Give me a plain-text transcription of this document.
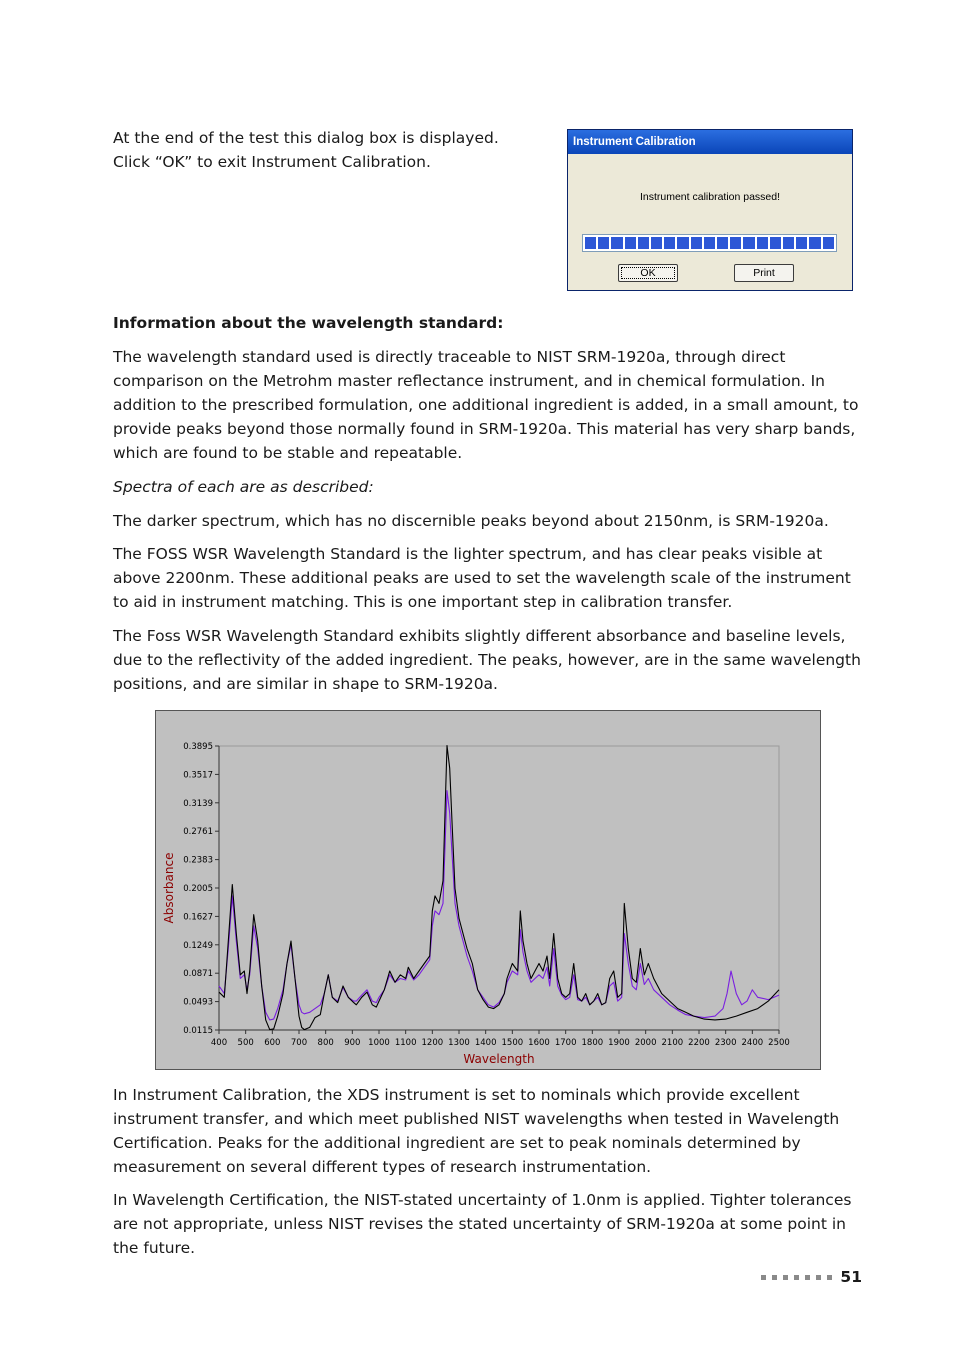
At the end of the test this dialog box is displayed. Click “OK” to exit Instrument Calibration.

Instrument Calibration
Instrument calibration passed!
OK	Print

Information about the wavelength standard:

The wavelength standard used is directly traceable to NIST SRM-1920a, through direct comparison on the Metrohm master reflectance instrument, and in chemical formulation. In addition to the prescribed formulation, one additional ingredient is added, in a small amount, to provide peaks beyond those normally found in SRM-1920a. This material has very sharp bands, which are found to be stable and repeatable.

Spectra of each are as described:

The darker spectrum, which has no discernible peaks beyond about 2150nm, is SRM-1920a.

The FOSS WSR Wavelength Standard is the lighter spectrum, and has clear peaks visible at above 2200nm. These additional peaks are used to set the wavelength scale of the instrument to aid in instrument matching. This is one important step in calibration transfer.

The Foss WSR Wavelength Standard exhibits slightly different absorbance and baseline levels, due to the reflectivity of the added ingredient. The peaks, however, are in the same wavelength positions, and are similar in shape to SRM-1920a.

0.0115
0.0493
0.0871
0.1249
0.1627
0.2005
0.2383
0.2761
0.3139
0.3517
0.3895
400 500 600 700 800 900 1000 1100 1200 1300 1400 1500 1600 1700 1800 1900 2000 2100 2200 2300 2400 2500
Wavelength
Absorbance

In Instrument Calibration, the XDS instrument is set to nominals which provide excellent instrument transfer, and which meet published NIST wavelengths when tested in Wavelength Certification. Peaks for the additional ingredient are set to peak nominals determined by measurement on several different types of research instrumentation.

In Wavelength Certification, the NIST-stated uncertainty of 1.0nm is applied. Tighter tolerances are not appropriate, unless NIST revises the stated uncertainty of SRM-1920a at some point in the future.

51
